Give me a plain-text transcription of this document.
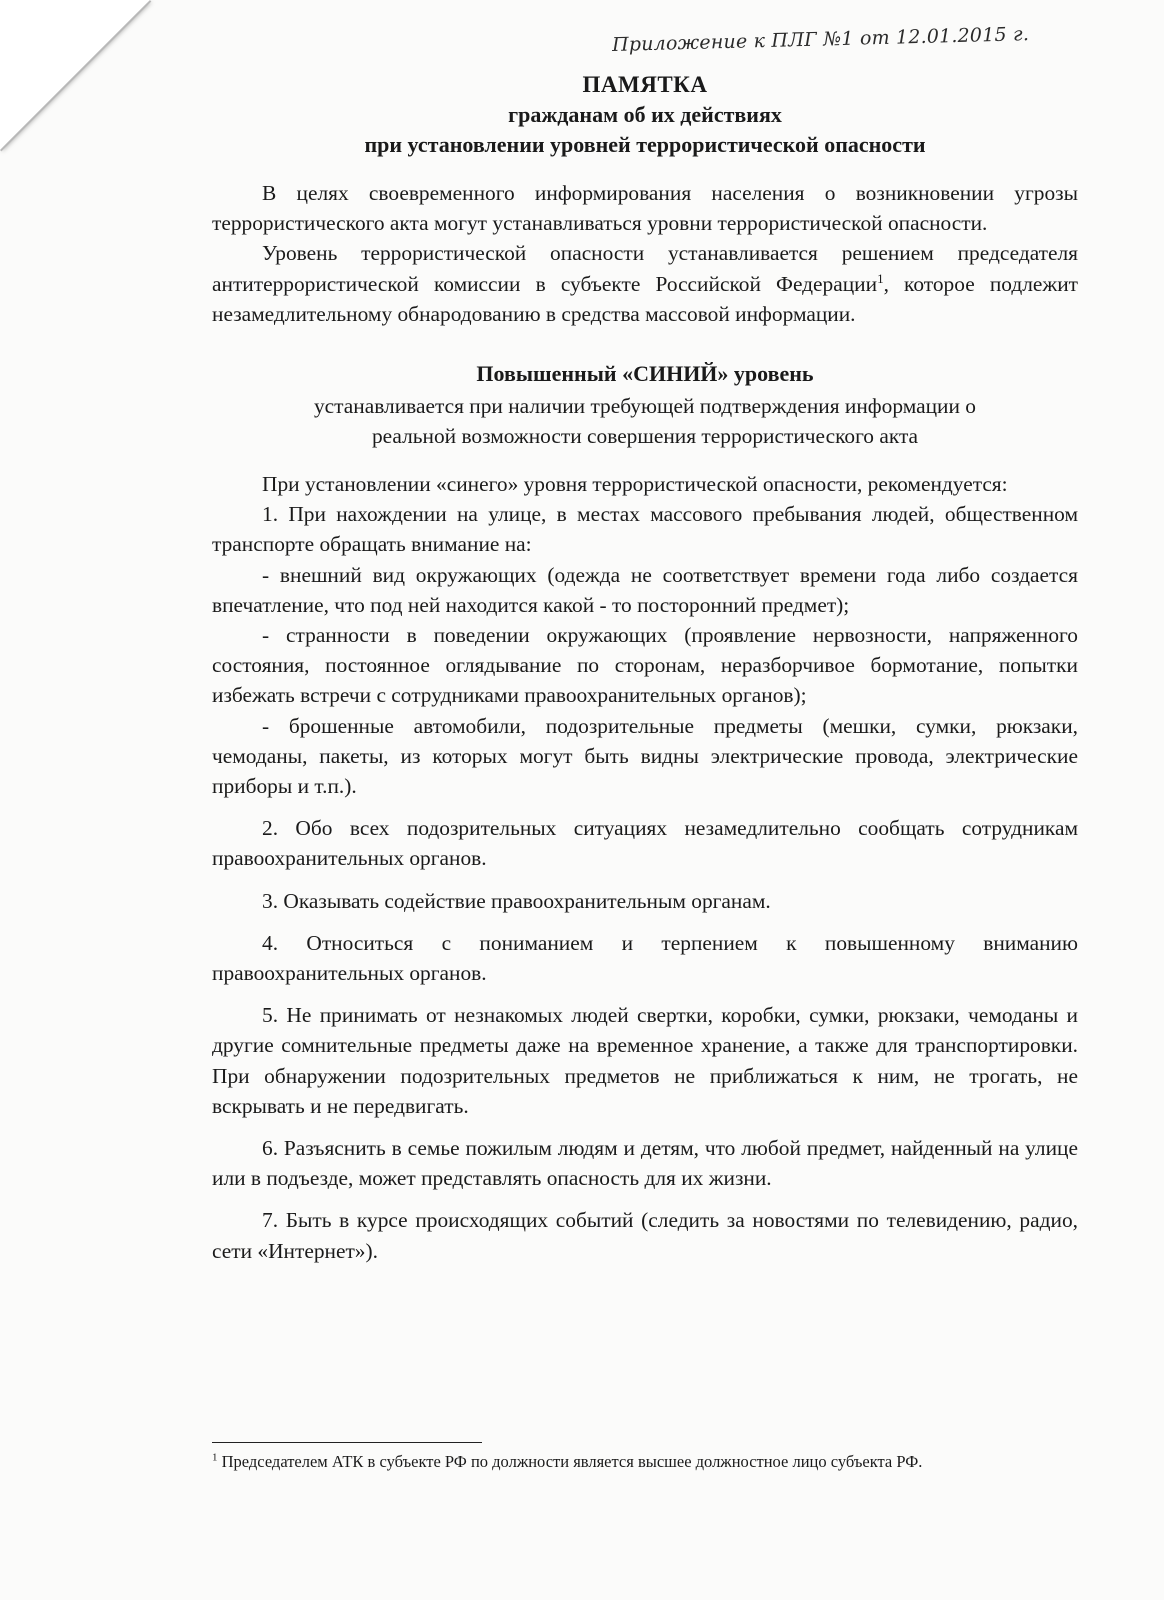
Приложение к ПЛГ №1 от 12.01.2015 г.
ПАМЯТКА
гражданам об их действиях
при установлении уровней террористической опасности

В целях своевременного информирования населения о возникновении угрозы террористического акта могут устанавливаться уровни террористической опасности.

Уровень террористической опасности устанавливается решением председателя антитеррористической комиссии в субъекте Российской Федерации$^1$, которое подлежит незамедлительному обнародованию в средства массовой информации.

Повышенный «СИНИЙ» уровень
устанавливается при наличии требующей подтверждения информации о
реальной возможности совершения террористического акта

При установлении «синего» уровня террористической опасности, рекомендуется:

1. При нахождении на улице, в местах массового пребывания людей, общественном транспорте обращать внимание на:

- внешний вид окружающих (одежда не соответствует времени года либо создается впечатление, что под ней находится какой - то посторонний предмет);

- странности в поведении окружающих (проявление нервозности, напряженного состояния, постоянное оглядывание по сторонам, неразборчивое бормотание, попытки избежать встречи с сотрудниками правоохранительных органов);

- брошенные автомобили, подозрительные предметы (мешки, сумки, рюкзаки, чемоданы, пакеты, из которых могут быть видны электрические провода, электрические приборы и т.п.).

2. Обо всех подозрительных ситуациях незамедлительно сообщать сотрудникам правоохранительных органов.

3. Оказывать содействие правоохранительным органам.

4. Относиться с пониманием и терпением к повышенному вниманию правоохранительных органов.

5. Не принимать от незнакомых людей свертки, коробки, сумки, рюкзаки, чемоданы и другие сомнительные предметы даже на временное хранение, а также для транспортировки. При обнаружении подозрительных предметов не приближаться к ним, не трогать, не вскрывать и не передвигать.

6. Разъяснить в семье пожилым людям и детям, что любой предмет, найденный на улице или в подъезде, может представлять опасность для их жизни.

7. Быть в курсе происходящих событий (следить за новостями по телевидению, радио, сети «Интернет»).

$^1$ Председателем АТК в субъекте РФ по должности является высшее должностное лицо субъекта РФ.
